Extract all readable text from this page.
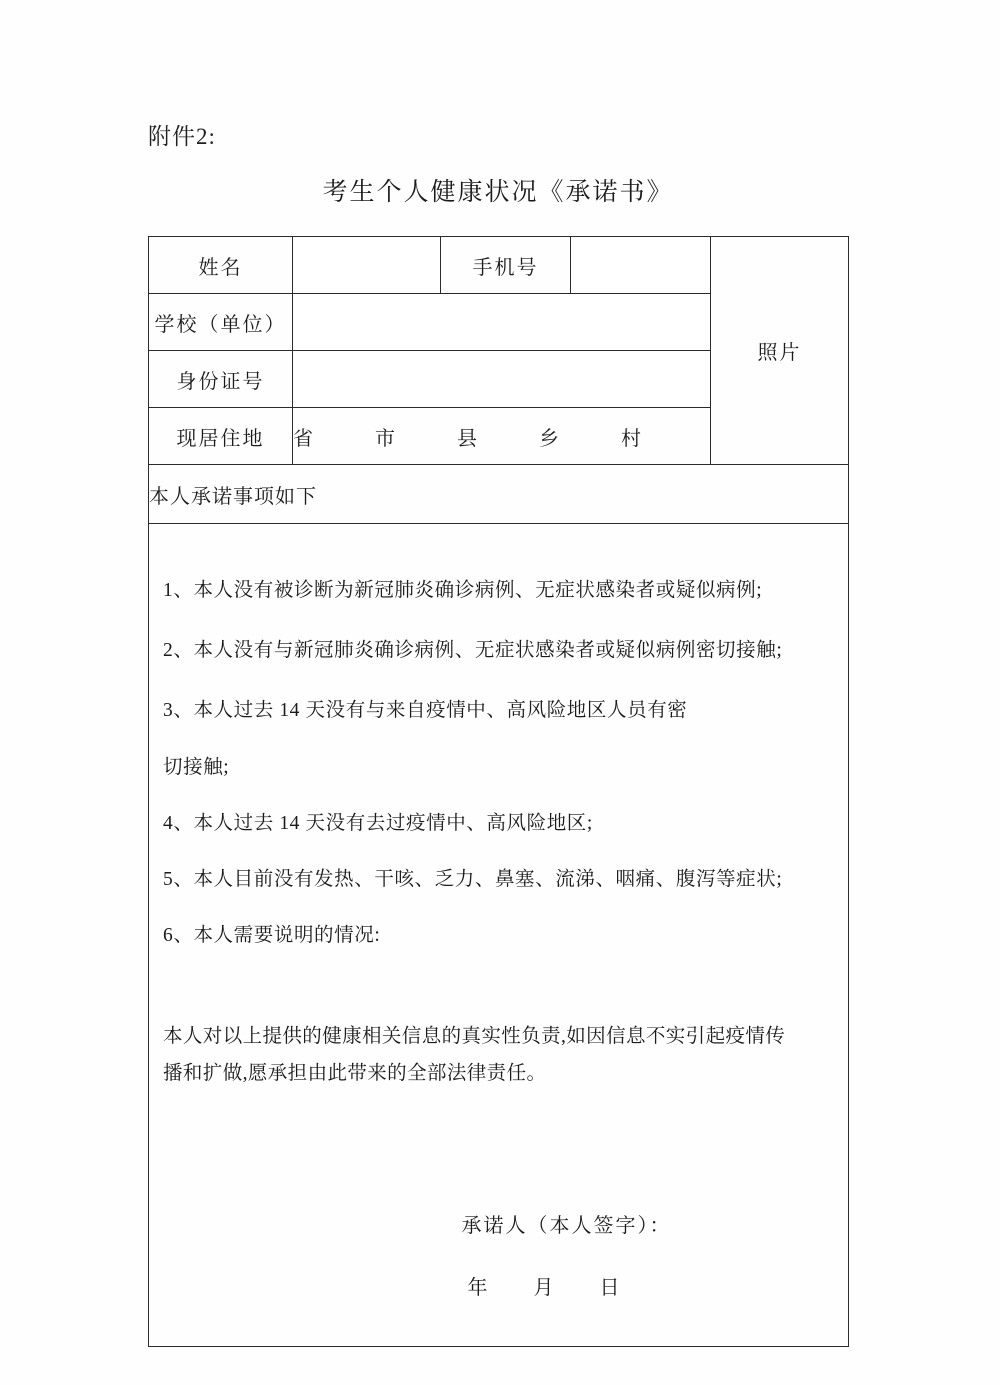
附件2:
考生个人健康状况《承诺书》
姓名		手机号		照片
学校（单位）				
身份证号				
现居住地	省 市 县 乡 村			
本人承诺事项如下				

1、本人没有被诊断为新冠肺炎确诊病例、无症状感染者或疑似病例;

2、本人没有与新冠肺炎确诊病例、无症状感染者或疑似病例密切接触;

3、本人过去 14 天没有与来自疫情中、高风险地区人员有密

切接触;

4、本人过去 14 天没有去过疫情中、高风险地区;

5、本人目前没有发热、干咳、乏力、鼻塞、流涕、咽痛、腹泻等症状;

6、本人需要说明的情况:

本人对以上提供的健康相关信息的真实性负责,如因信息不实引起疫情传

播和扩做,愿承担由此带来的全部法律责任。

承诺人（本人签字）：
年 月 日
